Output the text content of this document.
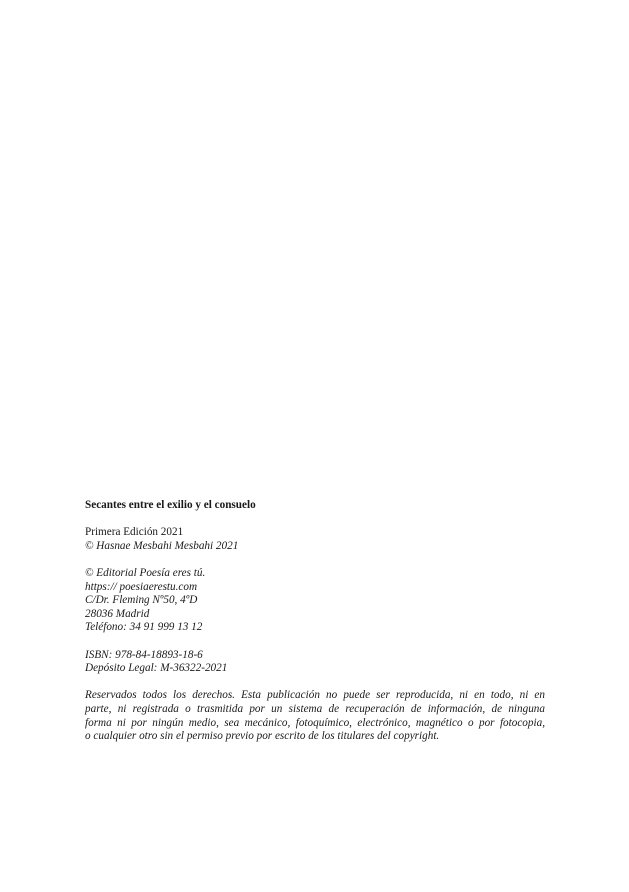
Secantes entre el exilio y el consuelo

Primera Edición 2021
© Hasnae Mesbahi Mesbahi 2021
© Editorial Poesía eres tú.
https:// poesiaerestu.com
C/Dr. Fleming Nº50, 4ºD
28036 Madrid
Teléfono: 34 91 999 13 12
ISBN: 978-84-18893-18-6
Depósito Legal: M-36322-2021
Reservados todos los derechos. Esta publicación no puede ser reproducida, ni en todo, ni en
parte, ni registrada o trasmitida por un sistema de recuperación de información, de ninguna
forma ni por ningún medio, sea mecánico, fotoquímico, electrónico, magnético o por fotocopia,
o cualquier otro sin el permiso previo por escrito de los titulares del copyright.
